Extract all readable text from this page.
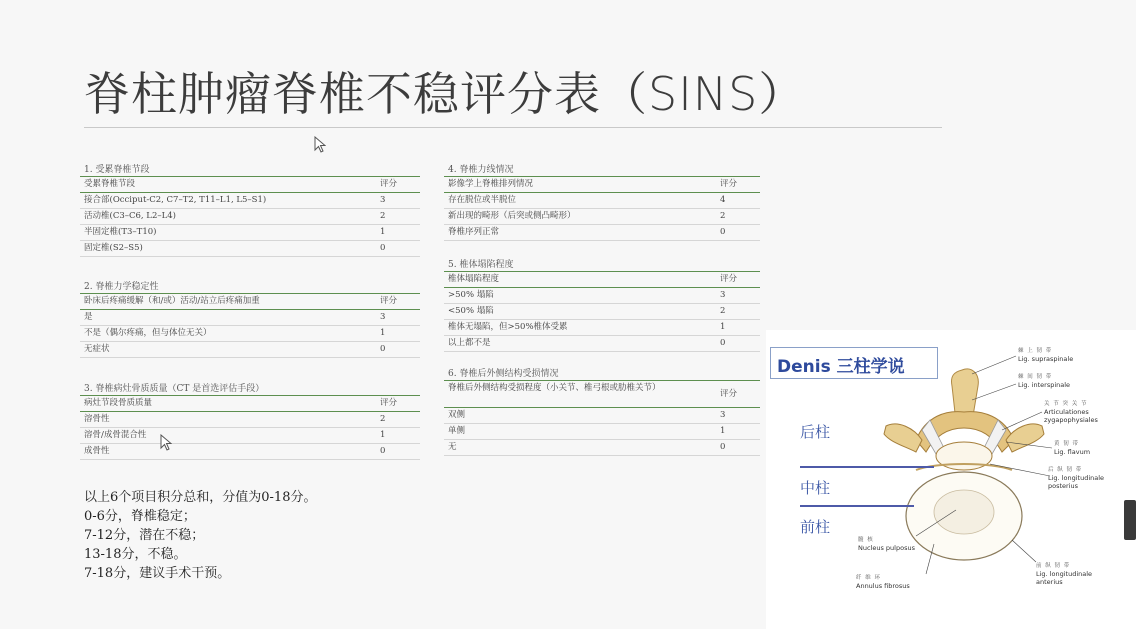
脊柱肿瘤脊椎不稳评分表（SINS）
1. 受累脊椎节段
受累脊椎节段	评分
接合部(Occiput-C2, C7–T2, T11–L1, L5–S1)	3
活动椎(C3–C6, L2–L4)	2
半固定椎(T3–T10)	1
固定椎(S2–S5)	0
2. 脊椎力学稳定性
卧床后疼痛缓解（和/或）活动/站立后疼痛加重	评分
是	3
不是（偶尔疼痛，但与体位无关）	1
无症状	0
3. 脊椎病灶骨质质量（CT 是首选评估手段）
病灶节段骨质质量	评分
溶骨性	2
溶骨/成骨混合性	1
成骨性	0
4. 脊椎力线情况
影像学上脊椎排列情况	评分
存在脱位或半脱位	4
新出现的畸形（后突或侧凸畸形）	2
脊椎序列正常	0
5. 椎体塌陷程度
椎体塌陷程度	评分
>50% 塌陷	3
<50% 塌陷	2
椎体无塌陷，但>50%椎体受累	1
以上都不是	0
6. 脊椎后外侧结构受损情况
脊椎后外侧结构受损程度（小关节、椎弓根或肋椎关节）	评分
双侧	3
单侧	1
无	0
以上6个项目积分总和，分值为0-18分。
0-6分，脊椎稳定；
7-12分，潜在不稳；
13-18分，不稳。
7-18分，建议手术干预。
棘 上 韧 带
Lig. supraspinale
棘 间 韧 带
Lig. interspinale
关 节 突 关 节
Articulationes
zygapophysiales
黄 韧 带
Lig. flavum
后 纵 韧 带
Lig. longitudinale
posterius
髓 核
Nucleus pulposus
纤 维 环
Annulus fibrosus
前 纵 韧 带
Lig. longitudinale
anterius
Denis 三柱学说
后柱
中柱
前柱
